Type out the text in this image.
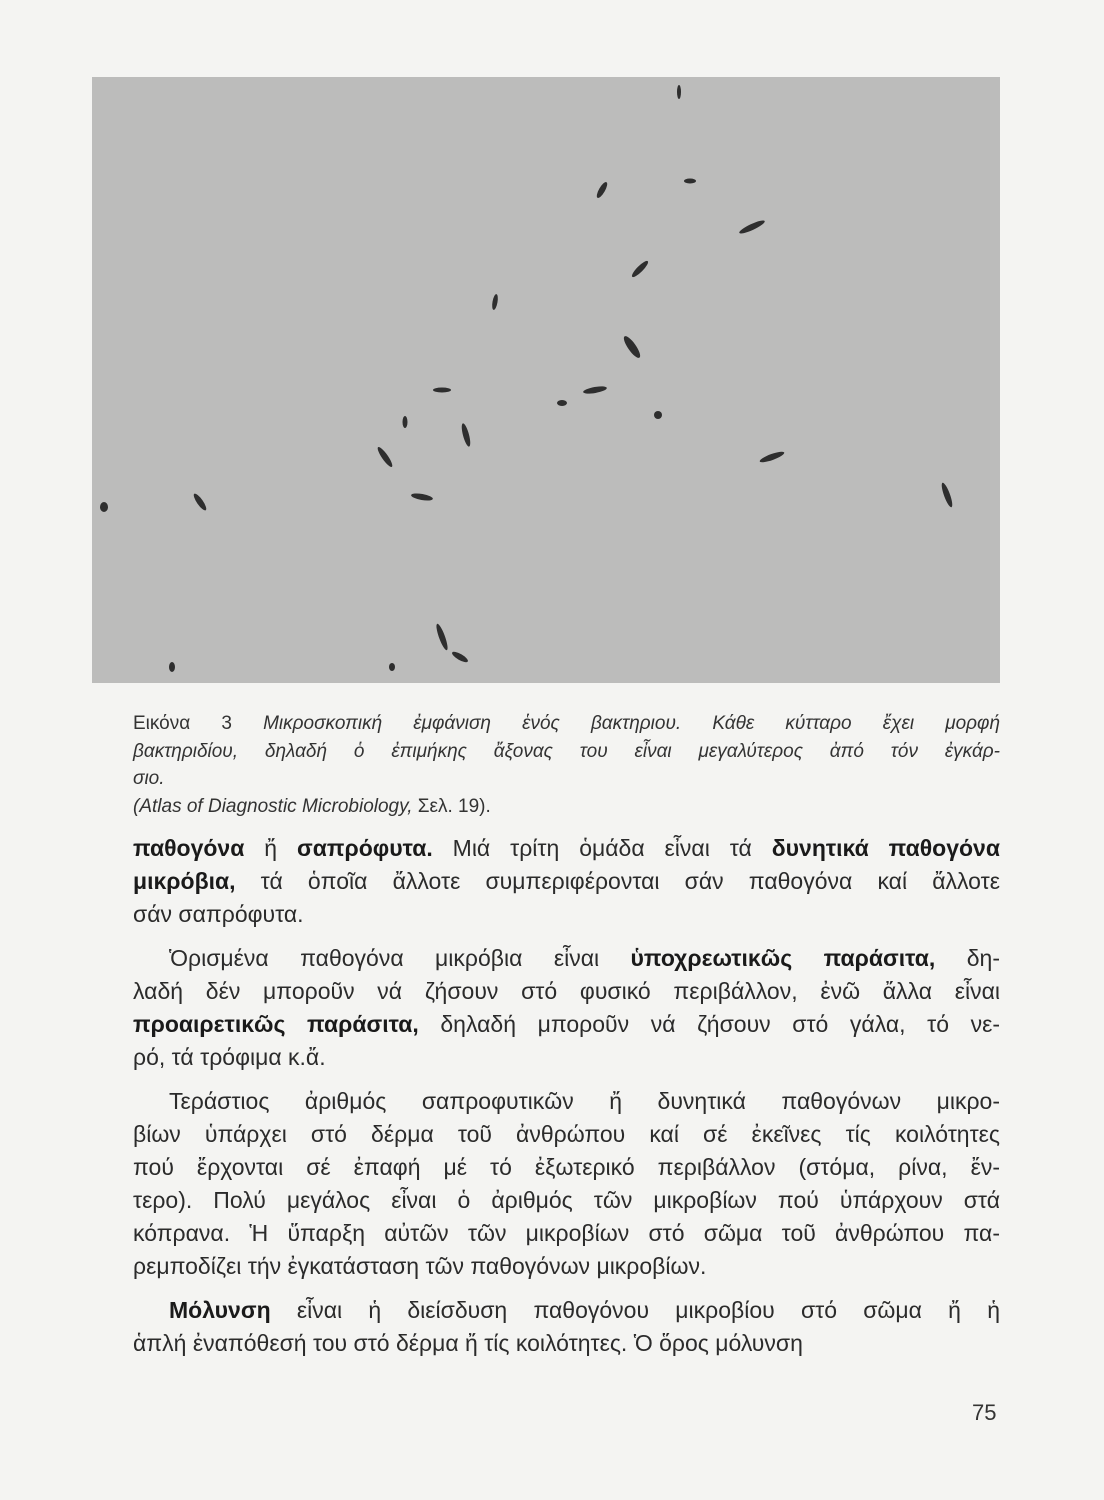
Εικόνα 3 Μικροσκοπική ἐμφάνιση ἑνός βακτηριου. Κάθε κύτταρο ἔχει μορφή
βακτηριδίου, δηλαδή ὁ ἐπιμήκης ἄξονας του εἶναι μεγαλύτερος ἀπό τόν ἐγκάρ-
σιο.
(Atlas of Diagnostic Microbiology, Σελ. 19).
παθογόνα ἤ σαπρόφυτα. Μιά τρίτη ὁμάδα εἶναι τά δυνητικά παθογόνα
μικρόβια, τά ὁποῖα ἄλλοτε συμπεριφέρονται σάν παθογόνα καί ἄλλοτε
σάν σαπρόφυτα.
Ὁρισμένα παθογόνα μικρόβια εἶναι ὑποχρεωτικῶς παράσιτα, δη-
λαδή δέν μποροῦν νά ζήσουν στό φυσικό περιβάλλον, ἐνῶ ἄλλα εἶναι
προαιρετικῶς παράσιτα, δηλαδή μποροῦν νά ζήσουν στό γάλα, τό νε-
ρό, τά τρόφιμα κ.ἄ.
Τεράστιος ἀριθμός σαπροφυτικῶν ἤ δυνητικά παθογόνων μικρο-
βίων ὑπάρχει στό δέρμα τοῦ ἀνθρώπου καί σέ ἐκεῖνες τίς κοιλότητες
πού ἔρχονται σέ ἐπαφή μέ τό ἐξωτερικό περιβάλλον (στόμα, ρίνα, ἔν-
τερο). Πολύ μεγάλος εἶναι ὁ ἀριθμός τῶν μικροβίων πού ὑπάρχουν στά
κόπρανα. Ἡ ὕπαρξη αὐτῶν τῶν μικροβίων στό σῶμα τοῦ ἀνθρώπου πα-
ρεμποδίζει τήν ἐγκατάσταση τῶν παθογόνων μικροβίων.
Μόλυνση εἶναι ἡ διείσδυση παθογόνου μικροβίου στό σῶμα ἤ ἡ
ἁπλή ἐναπόθεσή του στό δέρμα ἤ τίς κοιλότητες. Ὁ ὅρος μόλυνση
75
